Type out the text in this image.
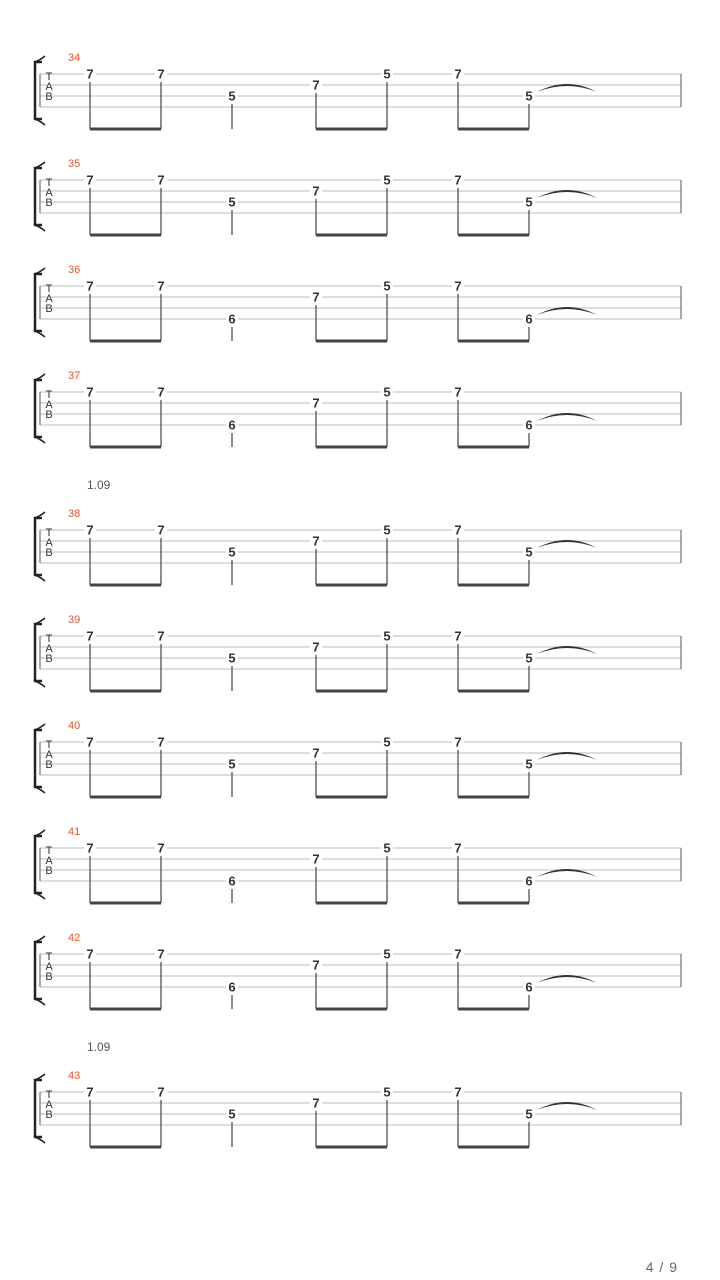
T
A
B
34
7	7
5
7
5	7
5
T
A
B
35
7	7
5
7
5	7
5
T
A
B
36
7	7
6
7
5	7
6
T
A
B
37
7	7
6
7
5	7
6
T
A
B
38
1.09
7	7
5
7
5	7
5
T
A
B
39
7	7
5
7
5	7
5
T
A
B
40
7	7
5
7
5	7
5
T
A
B
41
7	7
6
7
5	7
6
T
A
B
42
7	7
6
7
5	7
6
T
A
B
43
1.09
7	7
5
7
5	7
5
4 / 9
